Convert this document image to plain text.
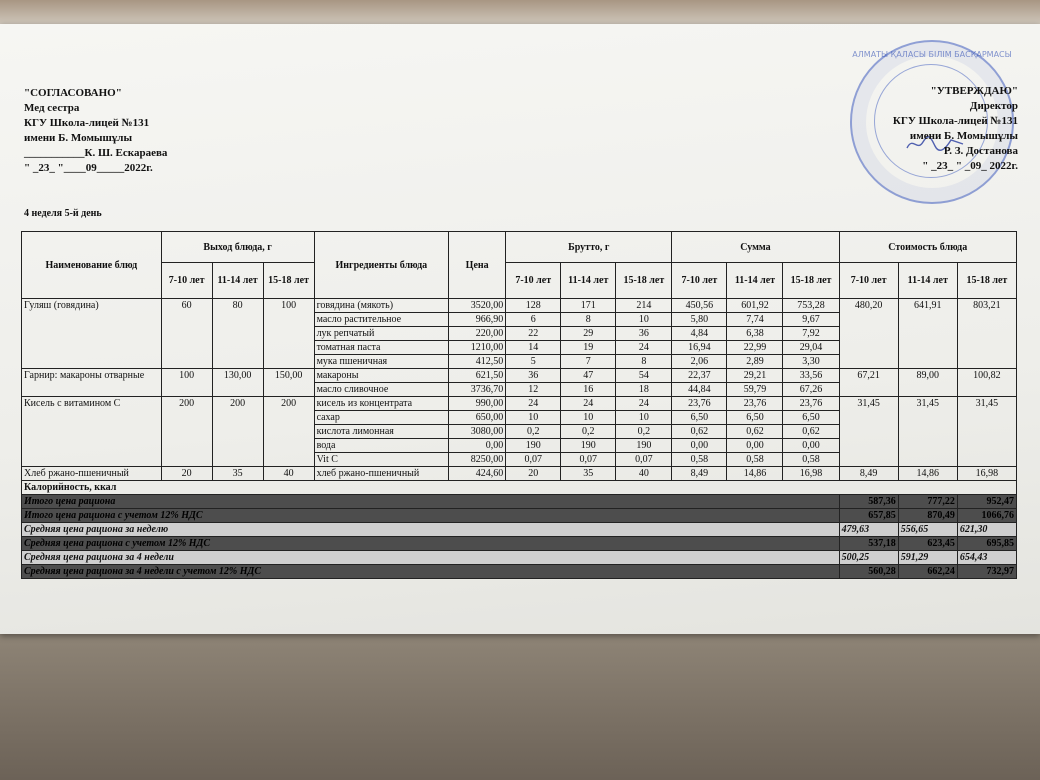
"СОГЛАСОВАНО"
Мед сестра
КГУ Школа-лицей №131
имени Б. Момышұлы
___________К. Ш. Ескараева
" _23_ "____09_____2022г.
АЛМАТЫ ҚАЛАСЫ БІЛІМ БАСҚАРМАСЫ
"УТВЕРЖДАЮ"
Директор
КГУ Школа-лицей №131
имени Б. Момышұлы
Р. З. Достанова
" _23_ " _09_ 2022г.
4 неделя 5-й день
Наименование блюд	Выход блюда, г			Ингредиенты блюда	Цена	Брутто, г			Сумма			Стоимость блюда		
	7-10 лет	11-14 лет	15-18 лет			7-10 лет	11-14 лет	15-18 лет	7-10 лет	11-14 лет	15-18 лет	7-10 лет	11-14 лет	15-18 лет
Гуляш (говядина)	60	80	100	говядина (мякоть)	3520,00	128	171	214	450,56	601,92	753,28	480,20	641,91	803,21
				масло растительное	966,90	6	8	10	5,80	7,74	9,67			
				лук репчатый	220,00	22	29	36	4,84	6,38	7,92			
				томатная паста	1210,00	14	19	24	16,94	22,99	29,04			
				мука пшеничная	412,50	5	7	8	2,06	2,89	3,30			
Гарнир: макароны отварные	100	130,00	150,00	макароны	621,50	36	47	54	22,37	29,21	33,56	67,21	89,00	100,82
				масло сливочное	3736,70	12	16	18	44,84	59,79	67,26			
Кисель с витамином С	200	200	200	кисель из концентрата	990,00	24	24	24	23,76	23,76	23,76	31,45	31,45	31,45
				сахар	650,00	10	10	10	6,50	6,50	6,50			
				кислота лимонная	3080,00	0,2	0,2	0,2	0,62	0,62	0,62			
				вода	0,00	190	190	190	0,00	0,00	0,00			
				Vit C	8250,00	0,07	0,07	0,07	0,58	0,58	0,58			
Хлеб ржано-пшеничный	20	35	40	хлеб ржано-пшеничный	424,60	20	35	40	8,49	14,86	16,98	8,49	14,86	16,98
Калорийность, ккал														
Итого цена рациона												587,36	777,22	952,47
Итого цена рациона с учетом 12% НДС												657,85	870,49	1066,76
Средняя цена рациона за неделю												479,63	556,65	621,30
Средняя цена рациона с учетом 12% НДС												537,18	623,45	695,85
Средняя цена рациона за 4 недели												500,25	591,29	654,43
Средняя цена рациона за 4 недели с учетом 12% НДС												560,28	662,24	732,97
